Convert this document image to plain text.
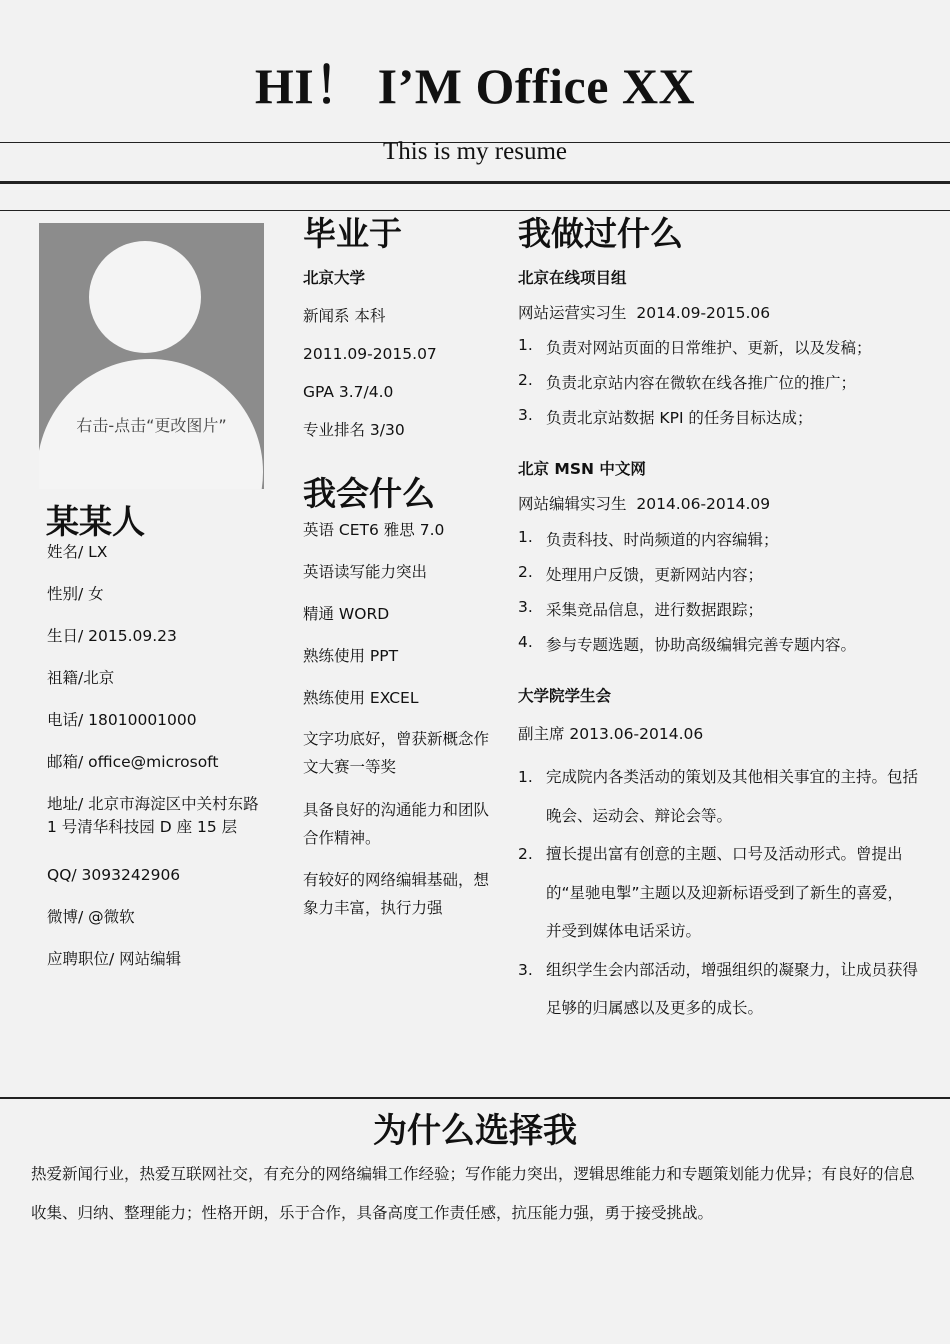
HI！ I’M Office XX
This is my resume
右击-点击“更改图片”
某某人
姓名/ LX
性别/ 女
生日/ 2015.09.23
祖籍/北京
电话/ 18010001000
邮箱/ office@microsoft
地址/ 北京市海淀区中关村东路 1 号清华科技园 D 座 15 层
QQ/ 3093242906
微博/ @微软
应聘职位/ 网站编辑
毕业于
北京大学
新闻系 本科
2011.09-2015.07
GPA 3.7/4.0
专业排名 3/30
我会什么
英语 CET6 雅思 7.0
英语读写能力突出
精通 WORD
熟练使用 PPT
熟练使用 EXCEL
文字功底好，曾获新概念作文大赛一等奖
具备良好的沟通能力和团队合作精神。
有较好的网络编辑基础，想象力丰富，执行力强
我做过什么
北京在线项目组
网站运营实习生  2014.09-2015.06
1. 负责对网站页面的日常维护、更新，以及发稿；
2. 负责北京站内容在微软在线各推广位的推广；
3. 负责北京站数据 KPI 的任务目标达成；
北京 MSN 中文网
网站编辑实习生  2014.06-2014.09
1. 负责科技、时尚频道的内容编辑；
2. 处理用户反馈，更新网站内容；
3. 采集竞品信息，进行数据跟踪；
4. 参与专题选题，协助高级编辑完善专题内容。
大学院学生会
副主席 2013.06-2014.06
1. 完成院内各类活动的策划及其他相关事宜的主持。包括晚会、运动会、辩论会等。
2. 擅长提出富有创意的主题、口号及活动形式。曾提出的“星驰电掣”主题以及迎新标语受到了新生的喜爱，并受到媒体电话采访。
3. 组织学生会内部活动，增强组织的凝聚力，让成员获得足够的归属感以及更多的成长。
为什么选择我
热爱新闻行业，热爱互联网社交，有充分的网络编辑工作经验；写作能力突出，逻辑思维能力和专题策划能力优异；有良好的信息收集、归纳、整理能力；性格开朗，乐于合作，具备高度工作责任感，抗压能力强，勇于接受挑战。
